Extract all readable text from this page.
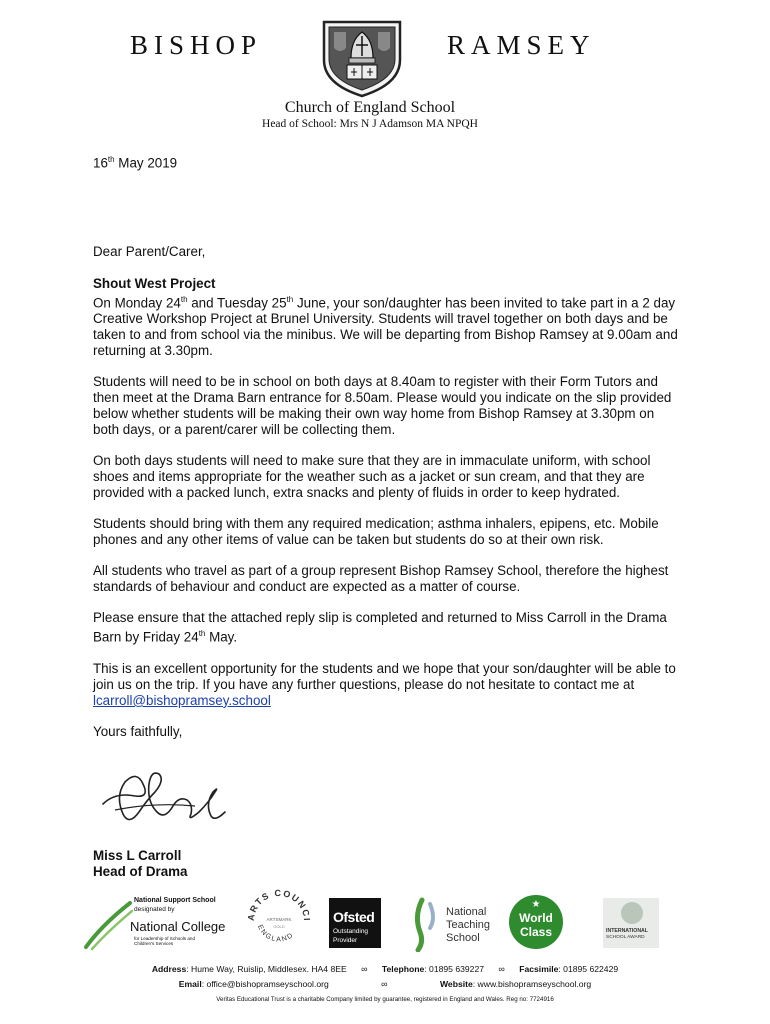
BISHOP	RAMSEY
Church of England School
Head of School: Mrs N J Adamson MA NPQH
16th May 2019

Dear Parent/Carer,

Shout West Project

On Monday 24th and Tuesday 25th June, your son/daughter has been invited to take part in a 2 day Creative Workshop Project at Brunel University. Students will travel together on both days and be taken to and from school via the minibus. We will be departing from Bishop Ramsey at 9.00am and returning at 3.30pm.

Students will need to be in school on both days at 8.40am to register with their Form Tutors and then meet at the Drama Barn entrance for 8.50am. Please would you indicate on the slip provided below whether students will be making their own way home from Bishop Ramsey at 3.30pm on both days, or a parent/carer will be collecting them.

On both days students will need to make sure that they are in immaculate uniform, with school shoes and items appropriate for the weather such as a jacket or sun cream, and that they are provided with a packed lunch, extra snacks and plenty of fluids in order to keep hydrated.

Students should bring with them any required medication; asthma inhalers, epipens, etc. Mobile phones and any other items of value can be taken but students do so at their own risk.

All students who travel as part of a group represent Bishop Ramsey School, therefore the highest standards of behaviour and conduct are expected as a matter of course.

Please ensure that the attached reply slip is completed and returned to Miss Carroll in the Drama Barn by Friday 24th May.

This is an excellent opportunity for the students and we hope that your son/daughter will be able to join us on the trip. If you have any further questions, please do not hesitate to contact me at lcarroll@bishopramsey.school

Yours faithfully,

Miss L Carroll
Head of Drama
National Support School
designated by
National College
for Leadership of Schools and Children's Services
ARTS COUNCI
ENGLAND
ARTSMARK
GOLD
Ofsted
Outstanding
Provider
National
Teaching
School
★
World
Class	INTERNATIONAL
SCHOOL AWARD
Address: Hume Way, Ruislip, Middlesex. HA4 8EE ∞ Telephone: 01895 639227 ∞ Facsimile: 01895 622429
Email: office@bishopramseyschool.org	∞	Website: www.bishopramseyschool.org
Veritas Educational Trust is a charitable Company limited by guarantee, registered in England and Wales. Reg no: 7724916
